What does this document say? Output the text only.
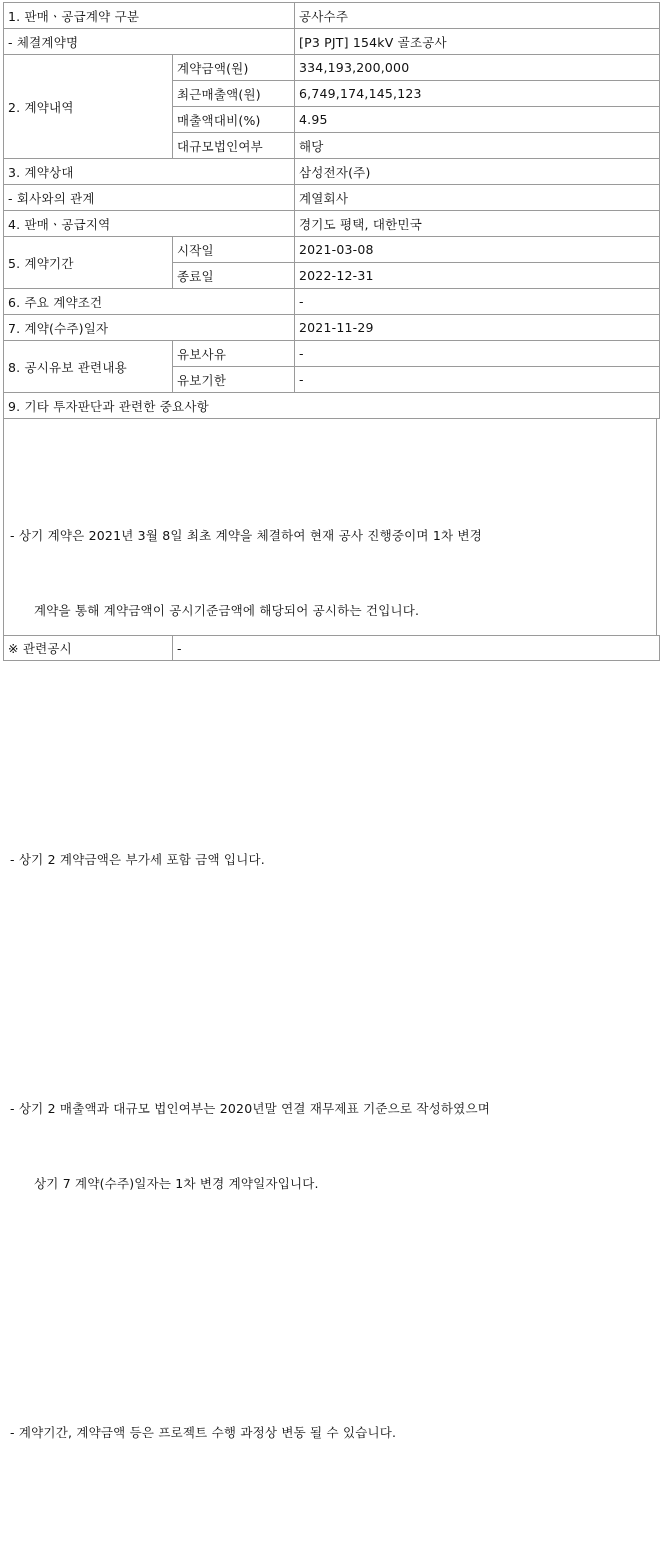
1. 판매ㆍ공급계약 구분		공사수주
- 체결계약명		[P3 PJT] 154kV 골조공사
2. 계약내역	계약금액(원)	334,193,200,000
	최근매출액(원)	6,749,174,145,123
	매출액대비(%)	4.95
	대규모법인여부	해당
3. 계약상대		삼성전자(주)
- 회사와의 관계		계열회사
4. 판매ㆍ공급지역		경기도 평택, 대한민국
5. 계약기간	시작일	2021-03-08
	종료일	2022-12-31
6. 주요 계약조건		-
7. 계약(수주)일자		2021-11-29
8. 공시유보 관련내용	유보사유	-
	유보기한	-
9. 기타 투자판단과 관련한 중요사항		

- 상기 계약은 2021년 3월 8일 최초 계약을 체결하여 현재 공사 진행중이며 1차 변경

계약을 통해 계약금액이 공시기준금액에 해당되어 공시하는 건입니다.

- 상기 2 계약금액은 부가세 포함 금액 입니다.

- 상기 2 매출액과 대규모 법인여부는 2020년말 연결 재무제표 기준으로 작성하였으며

상기 7 계약(수주)일자는 1차 변경 계약일자입니다.

- 계약기간, 계약금액 등은 프로젝트 수행 과정상 변동 될 수 있습니다.

※ 관련공시	-
